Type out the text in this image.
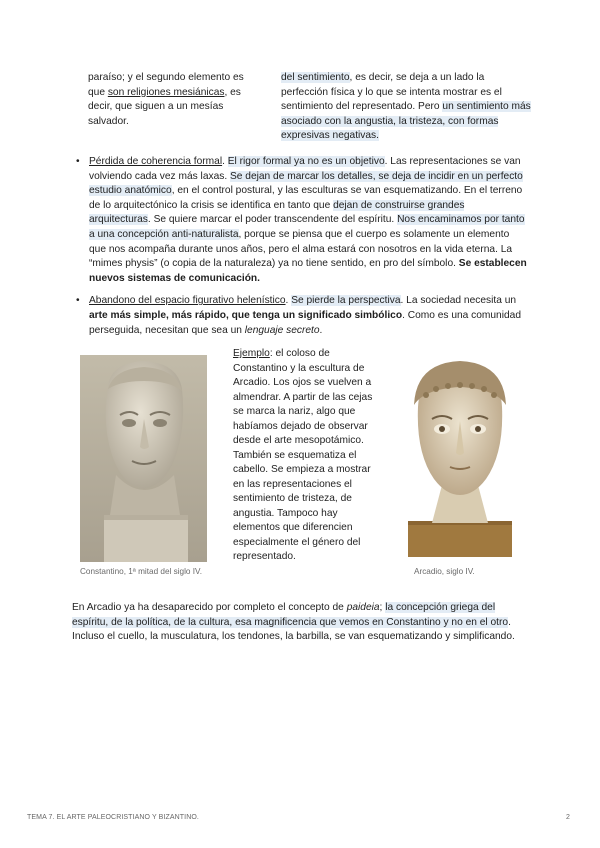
paraíso; y el segundo elemento es que son religiones mesiánicas, es decir, que siguen a un mesías salvador.
del sentimiento, es decir, se deja a un lado la perfección física y lo que se intenta mostrar es el sentimiento del representado. Pero un sentimiento más asociado con la angustia, la tristeza, con formas expresivas negativas.
• Pérdida de coherencia formal. El rigor formal ya no es un objetivo. Las representaciones se van volviendo cada vez más laxas. Se dejan de marcar los detalles, se deja de incidir en un perfecto estudio anatómico, en el control postural, y las esculturas se van esquematizando. En el terreno de lo arquitectónico la crisis se identifica en tanto que dejan de construirse grandes arquitecturas. Se quiere marcar el poder transcendente del espíritu. Nos encaminamos por tanto a una concepción anti-naturalista, porque se piensa que el cuerpo es solamente un elemento que nos acompaña durante unos años, pero el alma estará con nosotros en la vida eterna. La “mimes physis” (o copia de la naturaleza) ya no tiene sentido, en pro del símbolo. Se establecen nuevos sistemas de comunicación.
• Abandono del espacio figurativo helenístico. Se pierde la perspectiva. La sociedad necesita un arte más simple, más rápido, que tenga un significado simbólico. Como es una comunidad perseguida, necesitan que sea un lenguaje secreto.
Constantino, 1ª mitad del siglo IV.
Ejemplo: el coloso de Constantino y la escultura de Arcadio. Los ojos se vuelven a almendrar. A partir de las cejas se marca la nariz, algo que habíamos dejado de observar desde el arte mesopotámico. También se esquematiza el cabello. Se empieza a mostrar en las representaciones el sentimiento de tristeza, de angustia. Tampoco hay elementos que diferencien especialmente el género del representado.
Arcadio, siglo IV.
En Arcadio ya ha desaparecido por completo el concepto de paideia; la concepción griega del espíritu, de la política, de la cultura, esa magnificencia que vemos en Constantino y no en el otro. Incluso el cuello, la musculatura, los tendones, la barbilla, se van esquematizando y simplificando.
TEMA 7. EL ARTE PALEOCRISTIANO Y BIZANTINO.	2
